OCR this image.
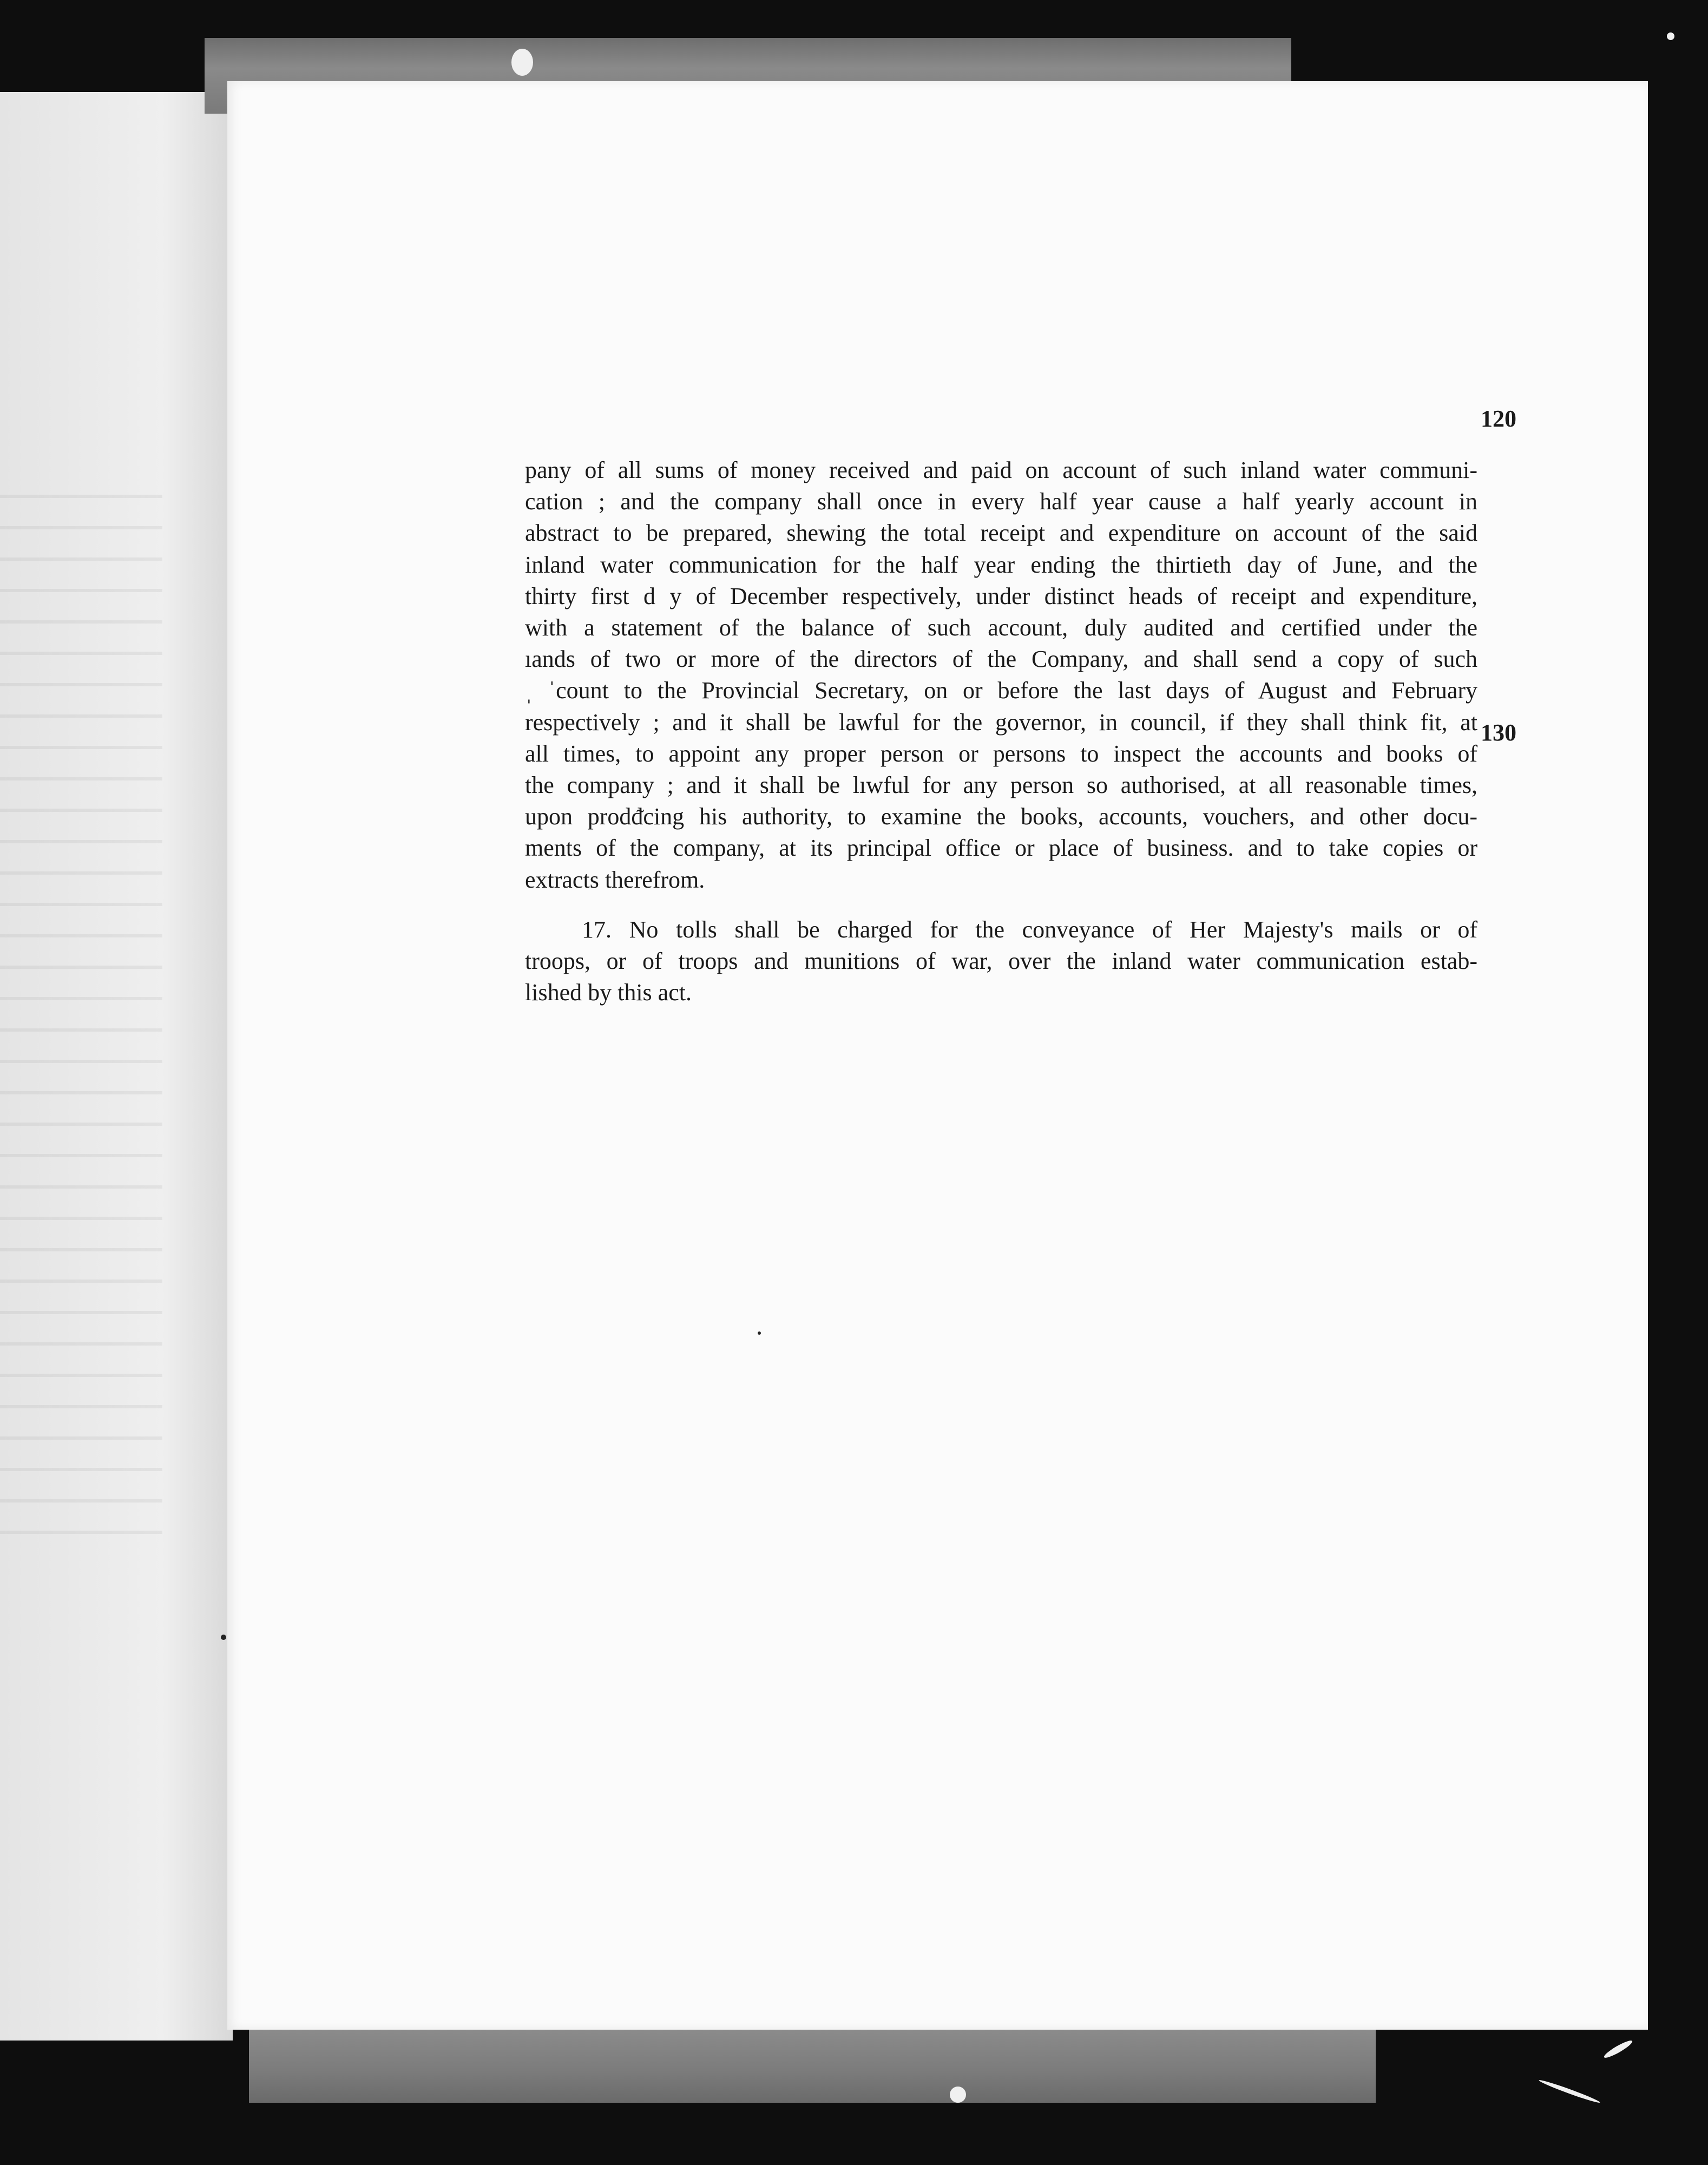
pany of all sums of money received and paid on account of such inland water communi-
cation ; and the company shall once in every half year cause a half yearly account in
abstract to be prepared, shewing the total receipt and expenditure on account of the said
inland water communication for the half year ending the thirtieth day of June, and the
thirty first d y of December respectively, under distinct heads of receipt and expenditure,
with a statement of the balance of such account, duly audited and certified under the
ıands of two or more of the directors of the Company, and shall send a copy of such
ˌ ˈcount to the Provincial Secretary, on or before the last days of August and February
respectively ; and it shall be lawful for the governor, in council, if they shall think fit, at
all times, to appoint any proper person or persons to inspect the accounts and books of
the company ; and it shall be lıwful for any person so authorised, at all reasonable times,
upon prodᵭcing his authority, to examine the books, accounts, vouchers, and other docu-
ments of the company, at its principal office or place of business. and to take copies or
extracts therefrom.
17. No tolls shall be charged for the conveyance of Her Majesty's mails or of
troops, or of troops and munitions of war, over the inland water communication estab-
lished by this act.
120
130
